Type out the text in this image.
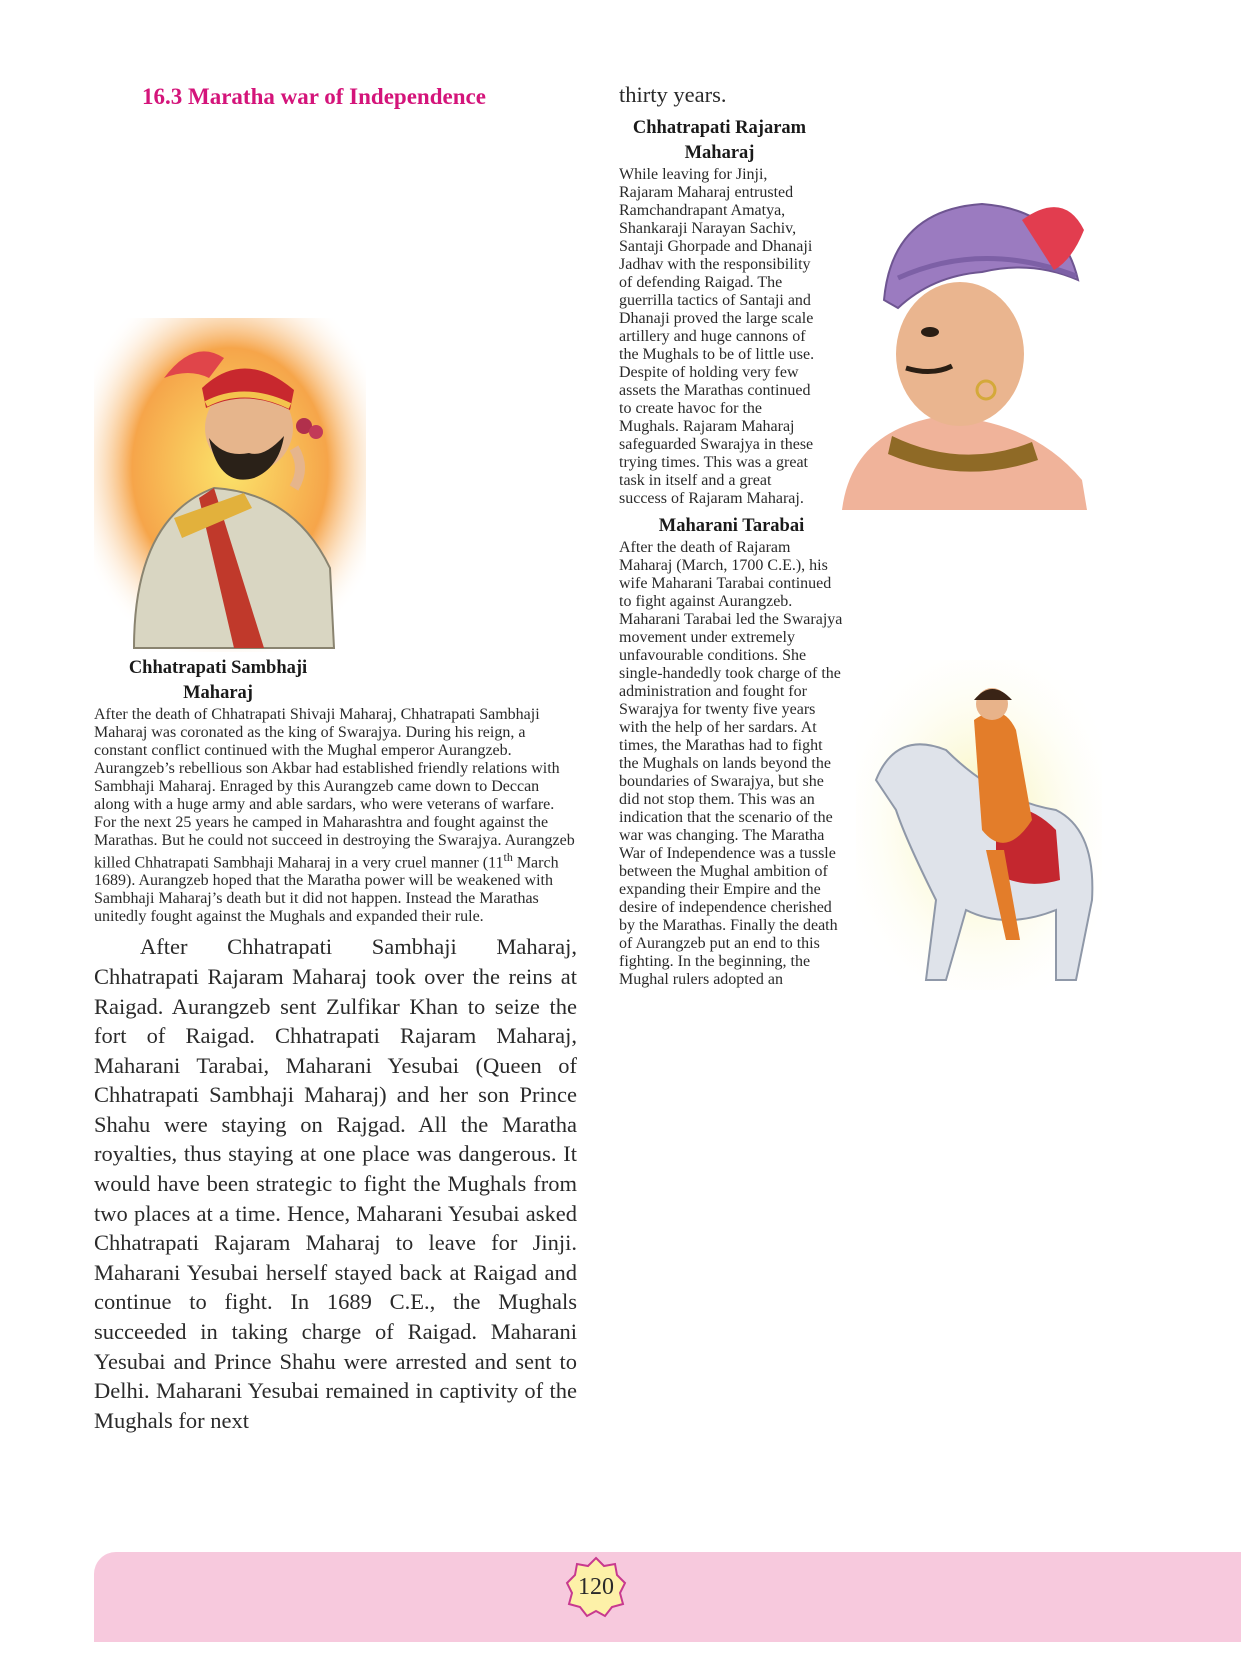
16.3 Maratha war of Independence

Chhatrapati Sambhaji Maharaj
After the death of Chhatrapati Shivaji Maharaj, Chhatrapati Sambhaji Maharaj was coronated as the king of Swarajya. During his reign, a constant conflict continued with the Mughal emperor Aurangzeb. Aurangzeb’s rebellious son Akbar had established friendly relations with Sambhaji Maharaj. Enraged by this Aurangzeb came down to Deccan along with a huge army and able sardars, who were veterans of warfare. For the next 25 years he camped in Maharashtra and fought against the Marathas. But he could not succeed in destroying the Swarajya. Aurangzeb killed Chhatrapati Sambhaji Maharaj in a very cruel manner (11th March 1689). Aurangzeb hoped that the Maratha power will be weakened with Sambhaji Maharaj’s death but it did not happen. Instead the Marathas unitedly fought against the Mughals and expanded their rule.

After Chhatrapati Sambhaji Maharaj, Chhatrapati Rajaram Maharaj took over the reins at Raigad. Aurangzeb sent Zulfikar Khan to seize the fort of Raigad. Chhatrapati Rajaram Maharaj, Maharani Tarabai, Maharani Yesubai (Queen of Chhatrapati Sambhaji Maharaj) and her son Prince Shahu were staying on Rajgad. All the Maratha royalties, thus staying at one place was dangerous. It would have been strategic to fight the Mughals from two places at a time. Hence, Maharani Yesubai asked Chhatrapati Rajaram Maharaj to leave for Jinji. Maharani Yesubai herself stayed back at Raigad and continue to fight. In 1689 C.E., the Mughals succeeded in taking charge of Raigad. Maharani Yesubai and Prince Shahu were arrested and sent to Delhi. Maharani Yesubai remained in captivity of the Mughals for next

thirty years.

Chhatrapati Rajaram Maharaj
While leaving for Jinji, Rajaram Maharaj entrusted Ramchandrapant Amatya, Shankaraji Narayan Sachiv, Santaji Ghorpade and Dhanaji Jadhav with the responsibility of defending Raigad. The guerrilla tactics of Santaji and Dhanaji proved the large scale artillery and huge cannons of the Mughals to be of little use. Despite of holding very few assets the Marathas continued to create havoc for the Mughals. Rajaram Maharaj safeguarded Swarajya in these trying times. This was a great task in itself and a great success of Rajaram Maharaj.

Maharani Tarabai
After the death of Rajaram Maharaj (March, 1700 C.E.), his wife Maharani Tarabai continued to fight against Aurangzeb. Maharani Tarabai led the Swarajya movement under extremely unfavourable conditions. She single-handedly took charge of the administration and fought for Swarajya for twenty five years with the help of her sardars. At times, the Marathas had to fight the Mughals on lands beyond the boundaries of Swarajya, but she did not stop them. This was an indication that the scenario of the war was changing. The Maratha War of Independence was a tussle between the Mughal ambition of expanding their Empire and the desire of independence cherished by the Marathas. Finally the death of Aurangzeb put an end to this fighting. In the beginning, the Mughal rulers adopted an

120
